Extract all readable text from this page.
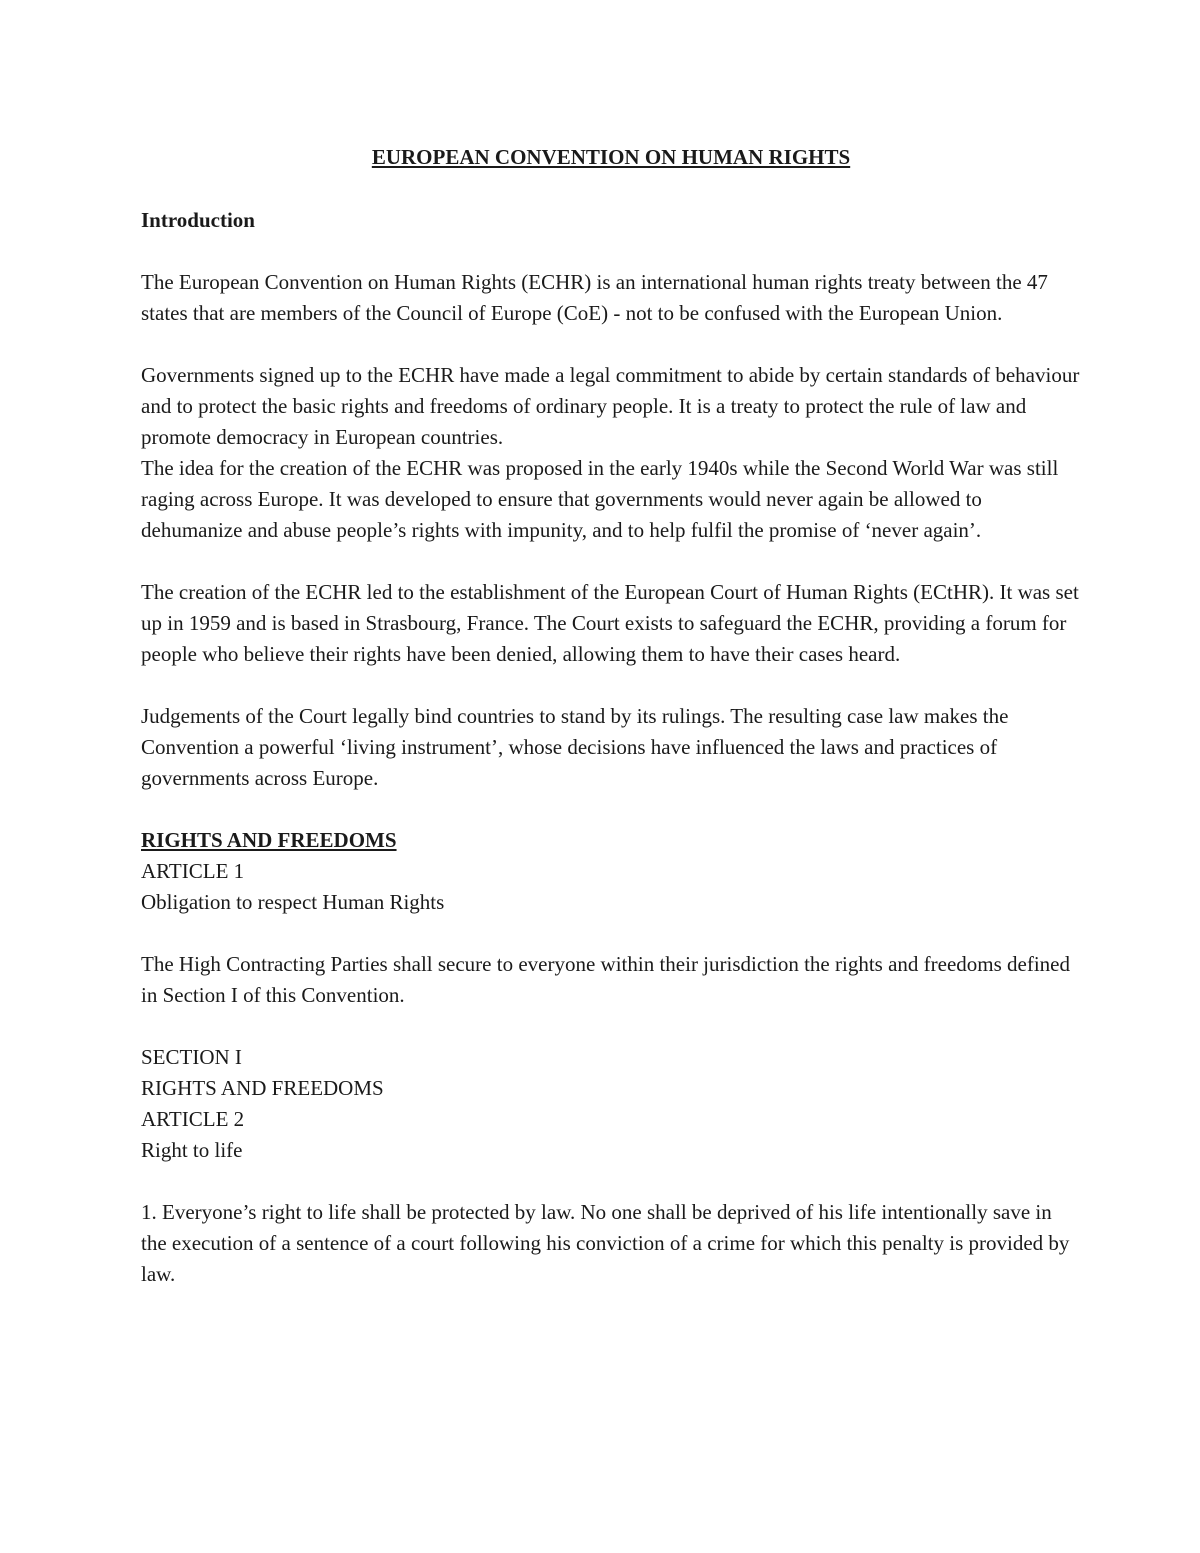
EUROPEAN CONVENTION ON HUMAN RIGHTS
Introduction

The European Convention on Human Rights (ECHR) is an international human rights treaty between the 47 states that are members of the Council of Europe (CoE) - not to be confused with the European Union.

Governments signed up to the ECHR have made a legal commitment to abide by certain standards of behaviour and to protect the basic rights and freedoms of ordinary people. It is a treaty to protect the rule of law and promote democracy in European countries.

The idea for the creation of the ECHR was proposed in the early 1940s while the Second World War was still raging across Europe. It was developed to ensure that governments would never again be allowed to dehumanize and abuse people’s rights with impunity, and to help fulfil the promise of ‘never again’.

The creation of the ECHR led to the establishment of the European Court of Human Rights (ECtHR). It was set up in 1959 and is based in Strasbourg, France. The Court exists to safeguard the ECHR, providing a forum for people who believe their rights have been denied, allowing them to have their cases heard.

Judgements of the Court legally bind countries to stand by its rulings. The resulting case law makes the Convention a powerful ‘living instrument’, whose decisions have influenced the laws and practices of governments across Europe.

RIGHTS AND FREEDOMS
ARTICLE 1
Obligation to respect Human Rights

The High Contracting Parties shall secure to everyone within their jurisdiction the rights and freedoms defined in Section I of this Convention.

SECTION I
RIGHTS AND FREEDOMS
ARTICLE 2
Right to life

1. Everyone’s right to life shall be protected by law. No one shall be deprived of his life intentionally save in the execution of a sentence of a court following his conviction of a crime for which this penalty is provided by law.
